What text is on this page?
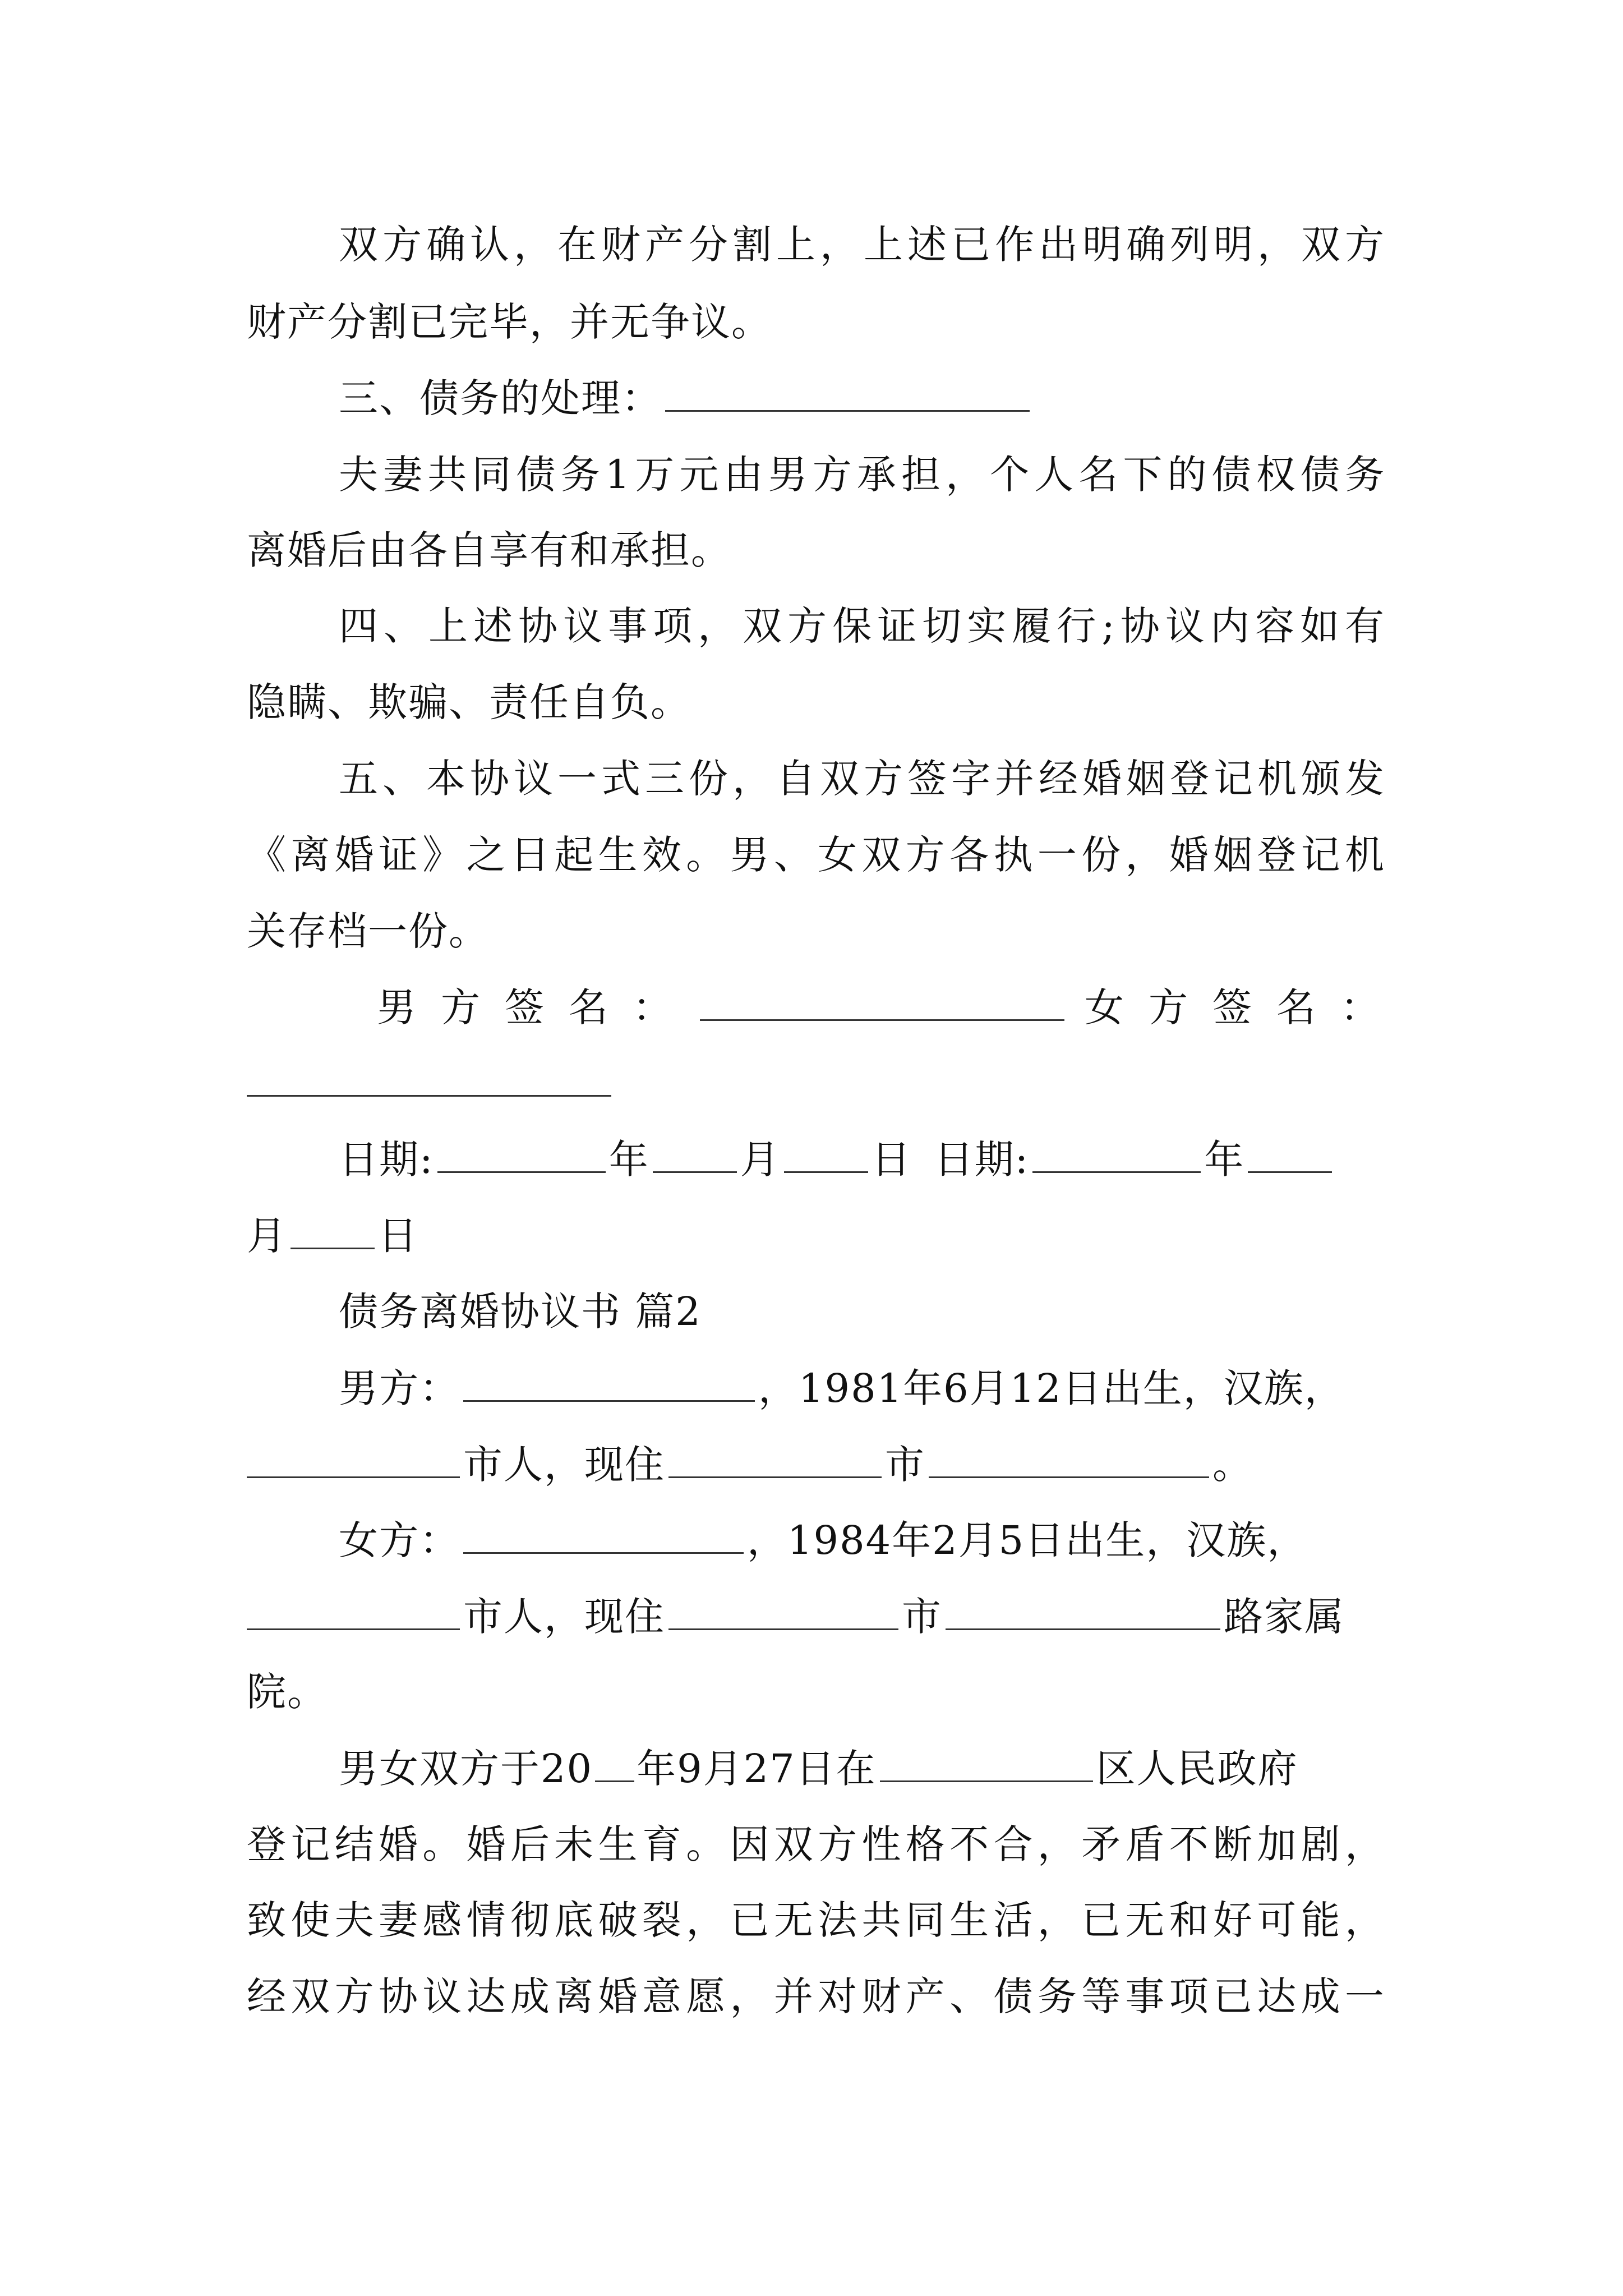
双方确认，在财产分割上，上述已作出明确列明，双方
财产分割已完毕，并无争议。
三、债务的处理：
夫妻共同债务1万元由男方承担，个人名下的债权债务
离婚后由各自享有和承担。
四、上述协议事项，双方保证切实履行;协议内容如有
隐瞒、欺骗、责任自负。
五、本协议一式三份，自双方签字并经婚姻登记机颁发
《离婚证》之日起生效。男、女双方各执一份，婚姻登记机
关存档一份。
男方签名：	女方签名：
日期:	年 月 日 日期:	年
月 日
债务离婚协议书 篇2
男方：	，1981年6月12日出生，汉族，
市人，现住	市	。
女方：	，1984年2月5日出生，汉族，
市人，现住	市	路家属
院。
男女双方于20 年9月27日在	区人民政府
登记结婚。婚后未生育。因双方性格不合，矛盾不断加剧，
致使夫妻感情彻底破裂，已无法共同生活，已无和好可能，
经双方协议达成离婚意愿，并对财产、债务等事项已达成一
